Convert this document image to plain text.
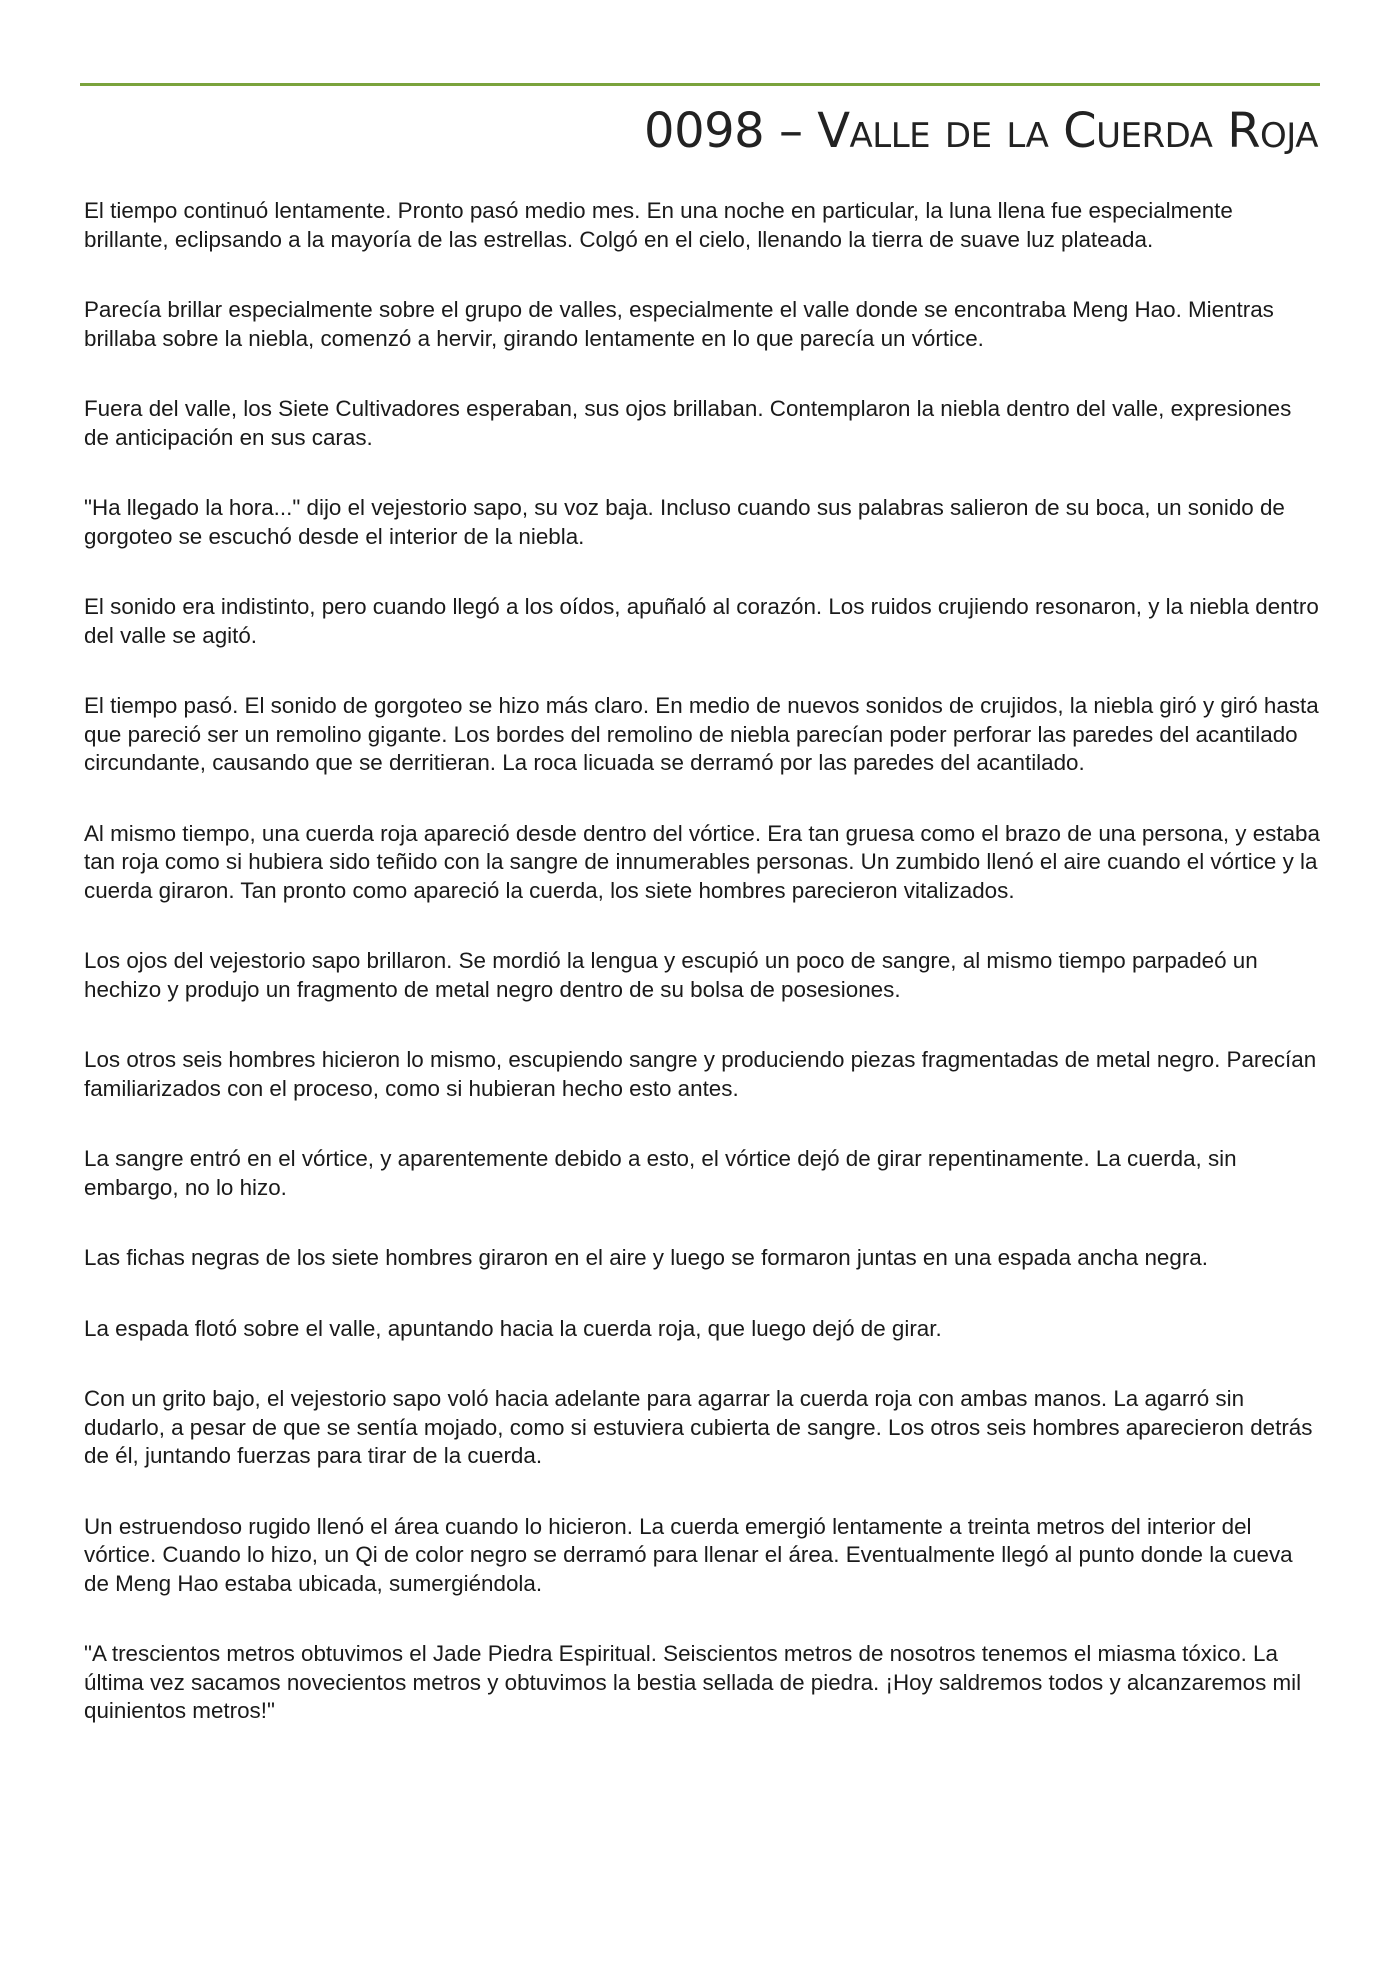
0098 – Valle de la Cuerda Roja

El tiempo continuó lentamente. Pronto pasó medio mes. En una noche en particular, la luna llena fue especialmente brillante, eclipsando a la mayoría de las estrellas. Colgó en el cielo, llenando la tierra de suave luz plateada.

Parecía brillar especialmente sobre el grupo de valles, especialmente el valle donde se encontraba Meng Hao. Mientras brillaba sobre la niebla, comenzó a hervir, girando lentamente en lo que parecía un vórtice.

Fuera del valle, los Siete Cultivadores esperaban, sus ojos brillaban. Contemplaron la niebla dentro del valle, expresiones de anticipación en sus caras.

"Ha llegado la hora..." dijo el vejestorio sapo, su voz baja. Incluso cuando sus palabras salieron de su boca, un sonido de gorgoteo se escuchó desde el interior de la niebla.

El sonido era indistinto, pero cuando llegó a los oídos, apuñaló al corazón. Los ruidos crujiendo resonaron, y la niebla dentro del valle se agitó.

El tiempo pasó. El sonido de gorgoteo se hizo más claro. En medio de nuevos sonidos de crujidos, la niebla giró y giró hasta que pareció ser un remolino gigante. Los bordes del remolino de niebla parecían poder perforar las paredes del acantilado circundante, causando que se derritieran. La roca licuada se derramó por las paredes del acantilado.

Al mismo tiempo, una cuerda roja apareció desde dentro del vórtice. Era tan gruesa como el brazo de una persona, y estaba tan roja como si hubiera sido teñido con la sangre de innumerables personas. Un zumbido llenó el aire cuando el vórtice y la cuerda giraron. Tan pronto como apareció la cuerda, los siete hombres parecieron vitalizados.

Los ojos del vejestorio sapo brillaron. Se mordió la lengua y escupió un poco de sangre, al mismo tiempo parpadeó un hechizo y produjo un fragmento de metal negro dentro de su bolsa de posesiones.

Los otros seis hombres hicieron lo mismo, escupiendo sangre y produciendo piezas fragmentadas de metal negro. Parecían familiarizados con el proceso, como si hubieran hecho esto antes.

La sangre entró en el vórtice, y aparentemente debido a esto, el vórtice dejó de girar repentinamente. La cuerda, sin embargo, no lo hizo.

Las fichas negras de los siete hombres giraron en el aire y luego se formaron juntas en una espada ancha negra.

La espada flotó sobre el valle, apuntando hacia la cuerda roja, que luego dejó de girar.

Con un grito bajo, el vejestorio sapo voló hacia adelante para agarrar la cuerda roja con ambas manos. La agarró sin dudarlo, a pesar de que se sentía mojado, como si estuviera cubierta de sangre. Los otros seis hombres aparecieron detrás de él, juntando fuerzas para tirar de la cuerda.

Un estruendoso rugido llenó el área cuando lo hicieron. La cuerda emergió lentamente a treinta metros del interior del vórtice. Cuando lo hizo, un Qi de color negro se derramó para llenar el área. Eventualmente llegó al punto donde la cueva de Meng Hao estaba ubicada, sumergiéndola.

"A trescientos metros obtuvimos el Jade Piedra Espiritual. Seiscientos metros de nosotros tenemos el miasma tóxico. La última vez sacamos novecientos metros y obtuvimos la bestia sellada de piedra. ¡Hoy saldremos todos y alcanzaremos mil quinientos metros!"
